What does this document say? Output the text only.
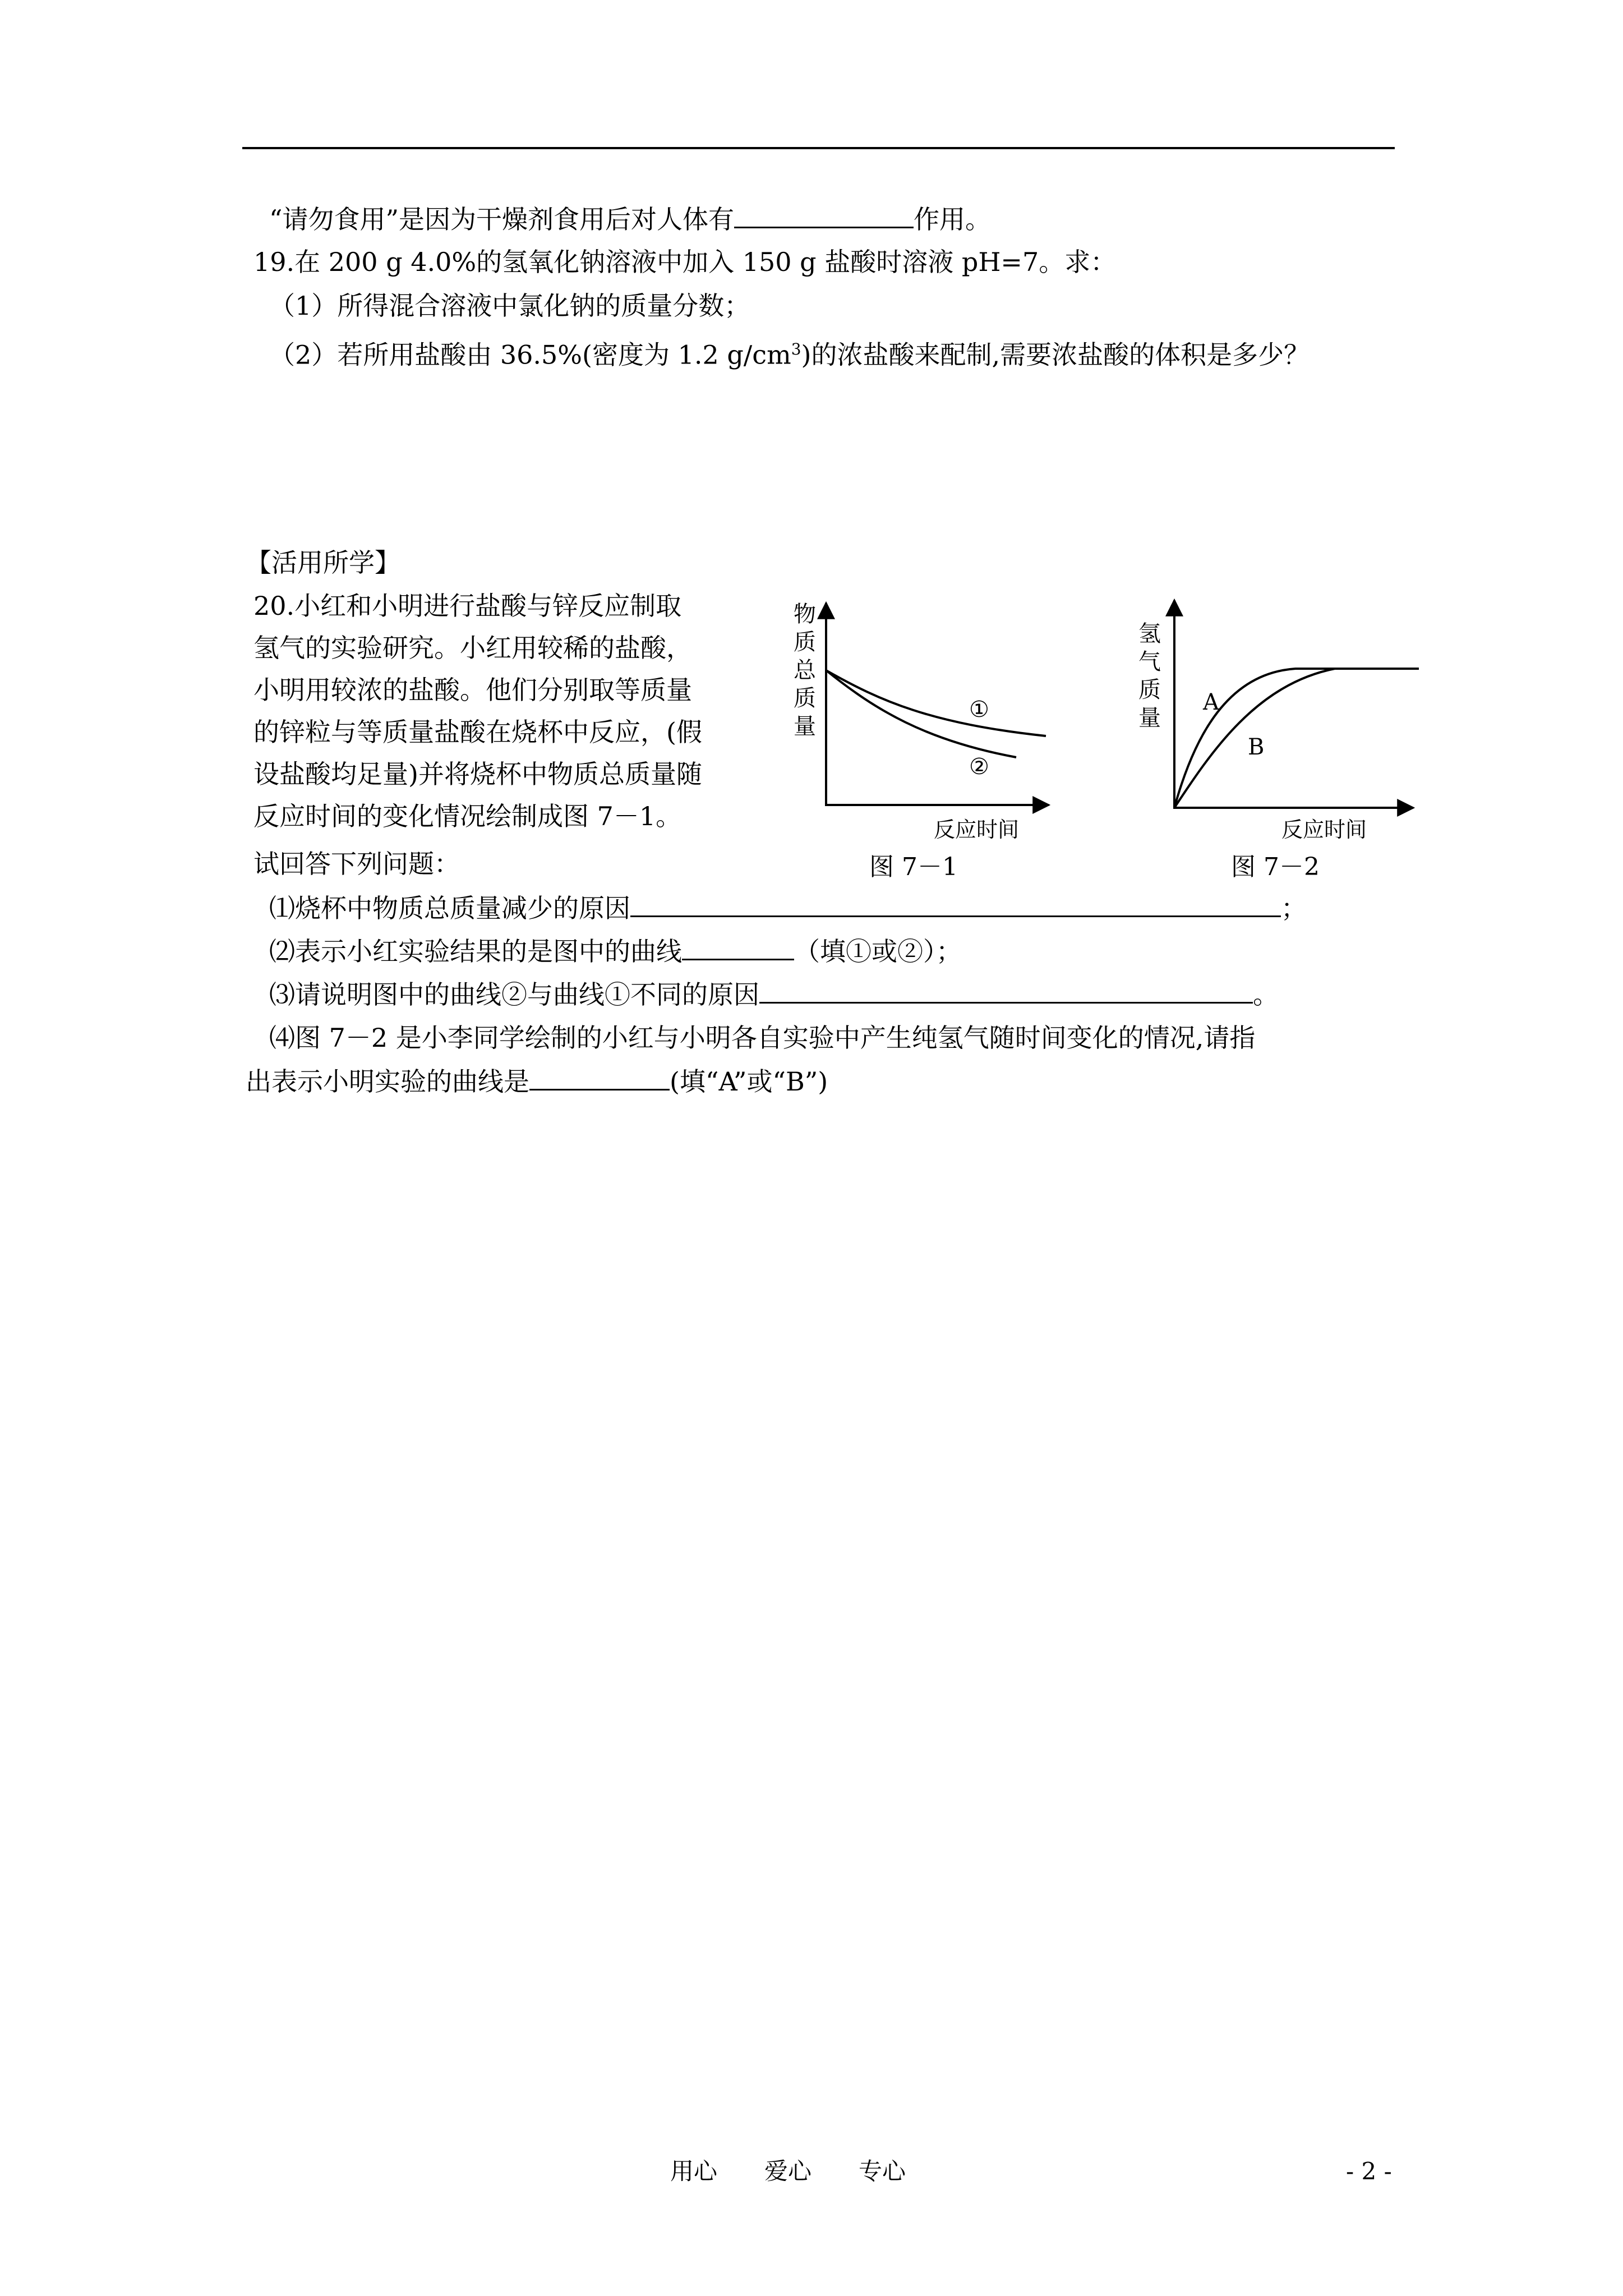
“请勿食用”是因为干燥剂食用后对人体有	作用。
19.在 200 g 4.0%的氢氧化钠溶液中加入 150 g 盐酸时溶液 pH=7。求：
（1）所得混合溶液中氯化钠的质量分数；
（2）若所用盐酸由 36.5%(密度为 1.2 $g/cm^3$)的浓盐酸来配制,需要浓盐酸的体积是多少？
【活用所学】
20.小红和小明进行盐酸与锌反应制取
氢气的实验研究。小红用较稀的盐酸，
小明用较浓的盐酸。他们分别取等质量
的锌粒与等质量盐酸在烧杯中反应，(假
设盐酸均足量)并将烧杯中物质总质量随
反应时间的变化情况绘制成图 7－1。
试回答下列问题：
⑴烧杯中物质总质量减少的原因	；
⑵表示小红实验结果的是图中的曲线	（填①或②）；
⑶请说明图中的曲线②与曲线①不同的原因	。
⑷图 7－2 是小李同学绘制的小红与小明各自实验中产生纯氢气随时间变化的情况,请指
出表示小明实验的曲线是	(填“A”或“B”)
物
质
总
质
量
①
②
反应时间
图 7－1
氢
气
质
量
A
B
反应时间
图 7－2
用心　　爱心　　专心	- 2 -
